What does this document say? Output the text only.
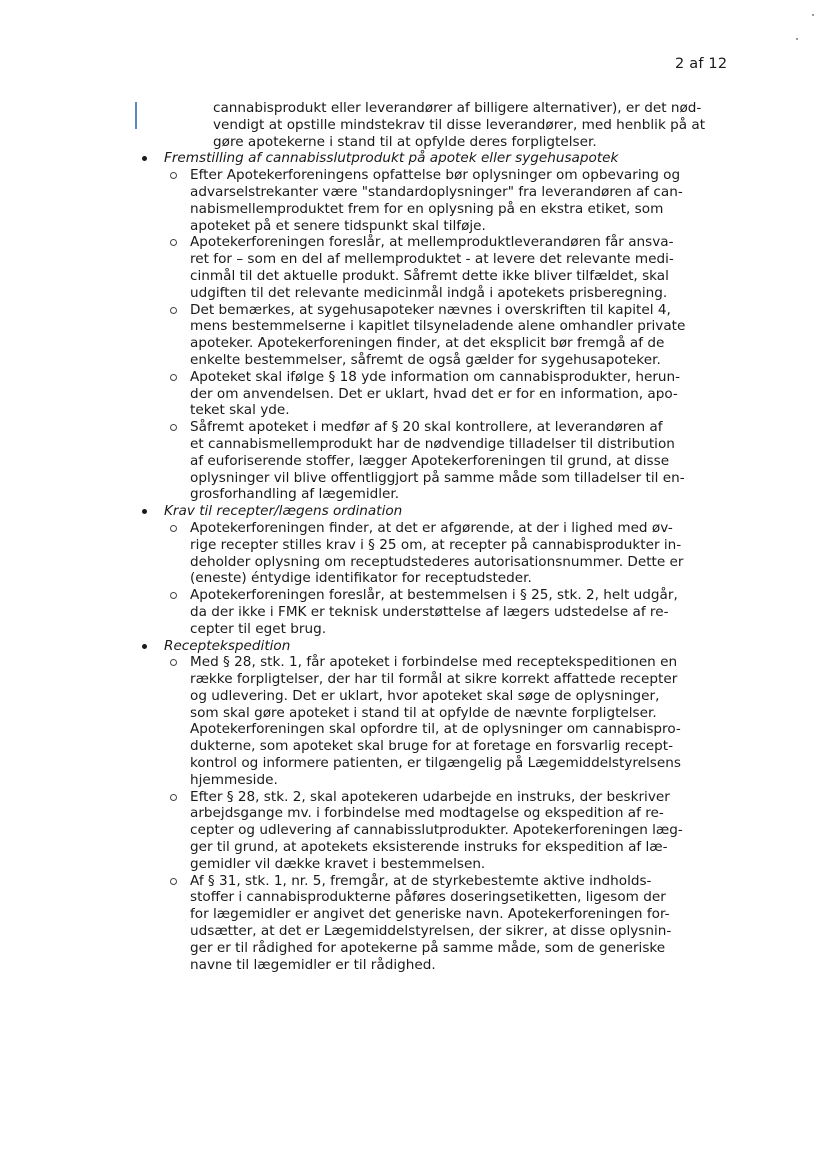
2 af 12
cannabisprodukt eller leverandører af billigere alternativer), er det nød-
vendigt at opstille mindstekrav til disse leverandører, med henblik på at
gøre apotekerne i stand til at opfylde deres forpligtelser.
Fremstilling af cannabisslutprodukt på apotek eller sygehusapotek
Efter Apotekerforeningens opfattelse bør oplysninger om opbevaring og
advarselstrekanter være "standardoplysninger" fra leverandøren af can-
nabismellemproduktet frem for en oplysning på en ekstra etiket, som
apoteket på et senere tidspunkt skal tilføje.
Apotekerforeningen foreslår, at mellemproduktleverandøren får ansva-
ret for – som en del af mellemproduktet - at levere det relevante medi-
cinmål til det aktuelle produkt. Såfremt dette ikke bliver tilfældet, skal
udgiften til det relevante medicinmål indgå i apotekets prisberegning.
Det bemærkes, at sygehusapoteker nævnes i overskriften til kapitel 4,
mens bestemmelserne i kapitlet tilsyneladende alene omhandler private
apoteker. Apotekerforeningen finder, at det eksplicit bør fremgå af de
enkelte bestemmelser, såfremt de også gælder for sygehusapoteker.
Apoteket skal ifølge § 18 yde information om cannabisprodukter, herun-
der om anvendelsen. Det er uklart, hvad det er for en information, apo-
teket skal yde.
Såfremt apoteket i medfør af § 20 skal kontrollere, at leverandøren af
et cannabismellemprodukt har de nødvendige tilladelser til distribution
af euforiserende stoffer, lægger Apotekerforeningen til grund, at disse
oplysninger vil blive offentliggjort på samme måde som tilladelser til en-
grosforhandling af lægemidler.
Krav til recepter/lægens ordination
Apotekerforeningen finder, at det er afgørende, at der i lighed med øv-
rige recepter stilles krav i § 25 om, at recepter på cannabisprodukter in-
deholder oplysning om receptudstederes autorisationsnummer. Dette er
(eneste) éntydige identifikator for receptudsteder.
Apotekerforeningen foreslår, at bestemmelsen i § 25, stk. 2, helt udgår,
da der ikke i FMK er teknisk understøttelse af lægers udstedelse af re-
cepter til eget brug.
Receptekspedition
Med § 28, stk. 1, får apoteket i forbindelse med receptekspeditionen en
række forpligtelser, der har til formål at sikre korrekt affattede recepter
og udlevering. Det er uklart, hvor apoteket skal søge de oplysninger,
som skal gøre apoteket i stand til at opfylde de nævnte forpligtelser.
Apotekerforeningen skal opfordre til, at de oplysninger om cannabispro-
dukterne, som apoteket skal bruge for at foretage en forsvarlig recept-
kontrol og informere patienten, er tilgængelig på Lægemiddelstyrelsens
hjemmeside.
Efter § 28, stk. 2, skal apotekeren udarbejde en instruks, der beskriver
arbejdsgange mv. i forbindelse med modtagelse og ekspedition af re-
cepter og udlevering af cannabisslutprodukter. Apotekerforeningen læg-
ger til grund, at apotekets eksisterende instruks for ekspedition af læ-
gemidler vil dække kravet i bestemmelsen.
Af § 31, stk. 1, nr. 5, fremgår, at de styrkebestemte aktive indholds-
stoffer i cannabisprodukterne påføres doseringsetiketten, ligesom der
for lægemidler er angivet det generiske navn. Apotekerforeningen for-
udsætter, at det er Lægemiddelstyrelsen, der sikrer, at disse oplysnin-
ger er til rådighed for apotekerne på samme måde, som de generiske
navne til lægemidler er til rådighed.
